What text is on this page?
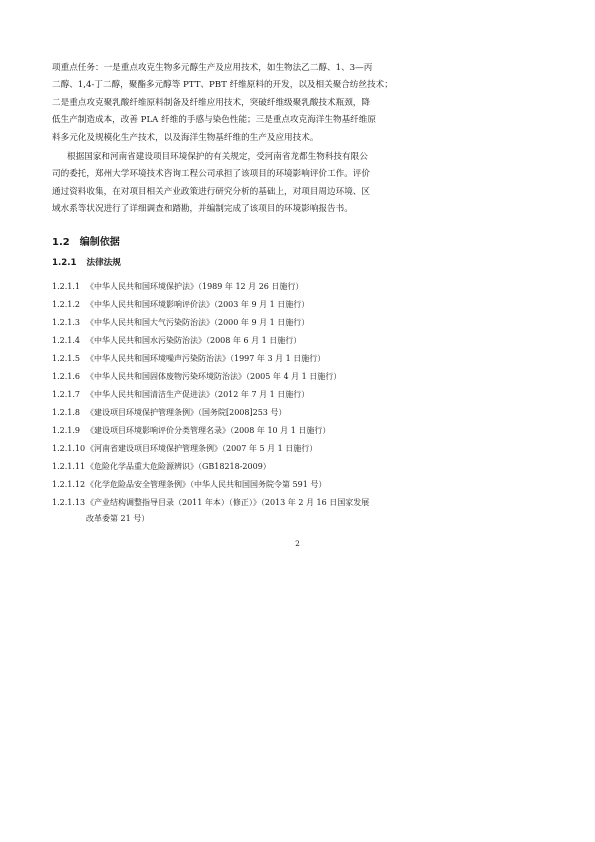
项重点任务：一是重点攻克生物多元醇生产及应用技术，如生物法乙二醇、1、3—丙
二醇、1,4-丁二醇，聚酯多元醇等 PTT、PBT 纤维原料的开发，以及相关聚合纺丝技术；
二是重点攻克聚乳酸纤维原料制备及纤维应用技术，突破纤维级聚乳酸技术瓶颈，降
低生产制造成本，改善 PLA 纤维的手感与染色性能；三是重点攻克海洋生物基纤维原
料多元化及规模化生产技术，以及海洋生物基纤维的生产及应用技术。
根据国家和河南省建设项目环境保护的有关规定，受河南省龙都生物科技有限公
司的委托，郑州大学环境技术咨询工程公司承担了该项目的环境影响评价工作。评价
通过资料收集，在对项目相关产业政策进行研究分析的基础上，对项目周边环境、区
域水系等状况进行了详细调查和踏勘，并编制完成了该项目的环境影响报告书。
1.2 编制依据
1.2.1 法律法规
1.2.1.1 《中华人民共和国环境保护法》（1989 年 12 月 26 日施行）
1.2.1.2 《中华人民共和国环境影响评价法》（2003 年 9 月 1 日施行）
1.2.1.3 《中华人民共和国大气污染防治法》（2000 年 9 月 1 日施行）
1.2.1.4 《中华人民共和国水污染防治法》（2008 年 6 月 1 日施行）
1.2.1.5 《中华人民共和国环境噪声污染防治法》（1997 年 3 月 1 日施行）
1.2.1.6 《中华人民共和国固体废物污染环境防治法》（2005 年 4 月 1 日施行）
1.2.1.7 《中华人民共和国清洁生产促进法》（2012 年 7 月 1 日施行）
1.2.1.8 《建设项目环境保护管理条例》（国务院[2008]253 号）
1.2.1.9 《建设项目环境影响评价分类管理名录》（2008 年 10 月 1 日施行）
1.2.1.10《河南省建设项目环境保护管理条例》（2007 年 5 月 1 日施行）
1.2.1.11《危险化学品重大危险源辨识》（GB18218-2009）
1.2.1.12《化学危险品安全管理条例》（中华人民共和国国务院令第 591 号）
1.2.1.13《产业结构调整指导目录（2011 年本）（修正）》（2013 年 2 月 16 日国家发展
改革委第 21 号）
2
